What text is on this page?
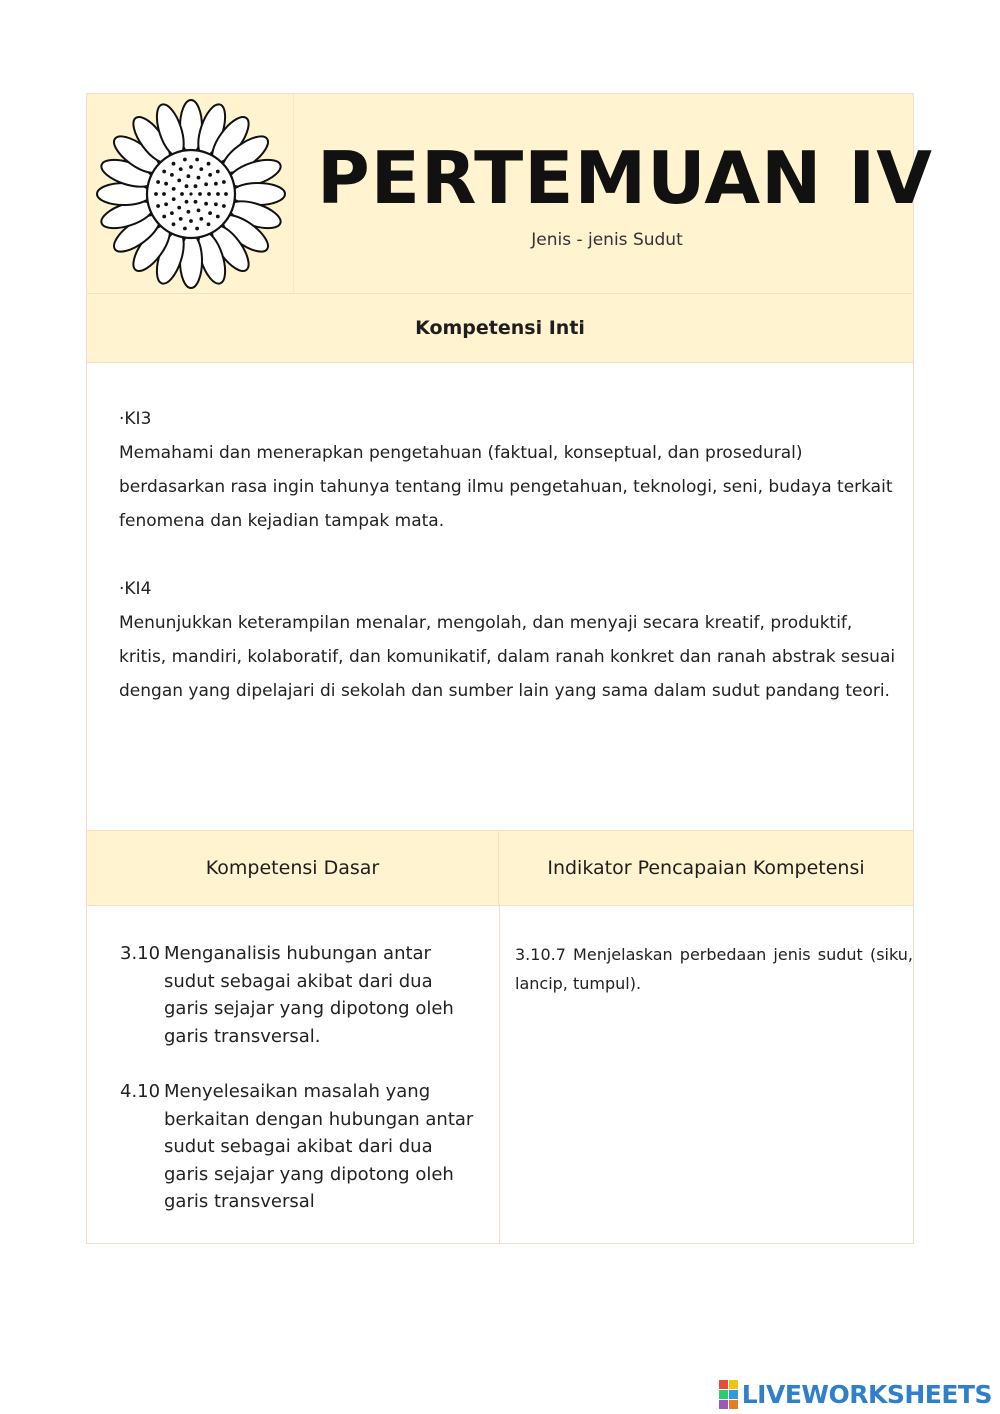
PERTEMUAN IV
Jenis - jenis Sudut
Kompetensi Inti
·KI3
Memahami dan menerapkan pengetahuan (faktual, konseptual, dan prosedural) berdasarkan rasa ingin tahunya tentang ilmu pengetahuan, teknologi, seni, budaya terkait fenomena dan kejadian tampak mata.
·KI4
Menunjukkan keterampilan menalar, mengolah, dan menyaji secara kreatif, produktif, kritis, mandiri, kolaboratif, dan komunikatif, dalam ranah konkret dan ranah abstrak sesuai dengan yang dipelajari di sekolah dan sumber lain yang sama dalam sudut pandang teori.
Kompetensi Dasar	Indikator Pencapaian Kompetensi
3.10 Menganalisis hubungan antar sudut sebagai akibat dari dua garis sejajar yang dipotong oleh garis transversal.
4.10 Menyelesaikan masalah yang berkaitan dengan hubungan antar sudut sebagai akibat dari dua garis sejajar yang dipotong oleh garis transversal
3.10.7 Menjelaskan perbedaan jenis sudut (siku, lancip, tumpul).
LIVEWORKSHEETS
